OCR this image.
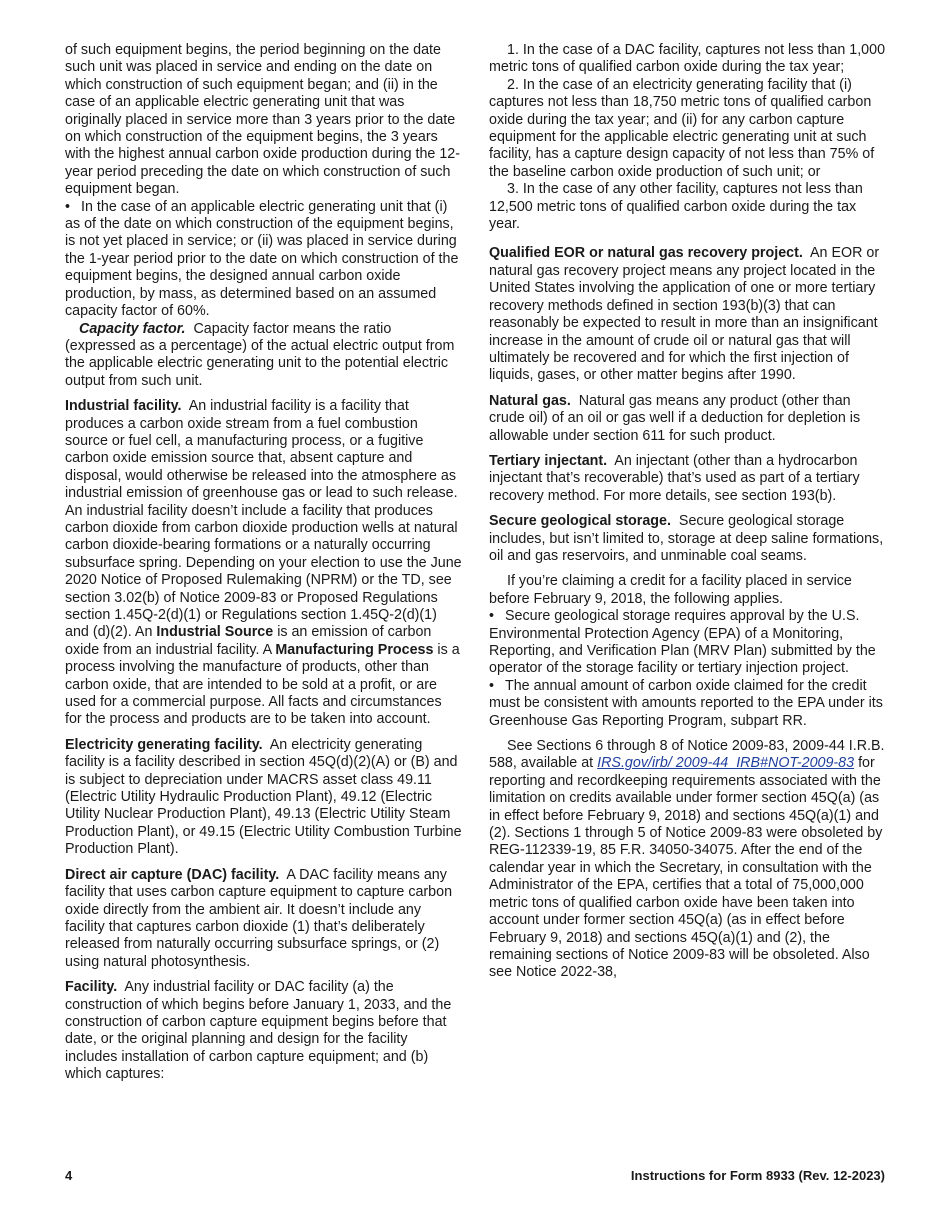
of such equipment begins, the period beginning on the date such unit was placed in service and ending on the date on which construction of such equipment began; and (ii) in the case of an applicable electric generating unit that was originally placed in service more than 3 years prior to the date on which construction of the equipment begins, the 3 years with the highest annual carbon oxide production during the 12-year period preceding the date on which construction of such equipment began.

• In the case of an applicable electric generating unit that (i) as of the date on which construction of the equipment begins, is not yet placed in service; or (ii) was placed in service during the 1-year period prior to the date on which construction of the equipment begins, the designed annual carbon oxide production, by mass, as determined based on an assumed capacity factor of 60%.

Capacity factor. Capacity factor means the ratio (expressed as a percentage) of the actual electric output from the applicable electric generating unit to the potential electric output from such unit.

Industrial facility. An industrial facility is a facility that produces a carbon oxide stream from a fuel combustion source or fuel cell, a manufacturing process, or a fugitive carbon oxide emission source that, absent capture and disposal, would otherwise be released into the atmosphere as industrial emission of greenhouse gas or lead to such release. An industrial facility doesn’t include a facility that produces carbon dioxide from carbon dioxide production wells at natural carbon dioxide-bearing formations or a naturally occurring subsurface spring. Depending on your election to use the June 2020 Notice of Proposed Rulemaking (NPRM) or the TD, see section 3.02(b) of Notice 2009-83 or Proposed Regulations section 1.45Q-2(d)(1) or Regulations section 1.45Q-2(d)(1) and (d)(2). An Industrial Source is an emission of carbon oxide from an industrial facility. A Manufacturing Process is a process involving the manufacture of products, other than carbon oxide, that are intended to be sold at a profit, or are used for a commercial purpose. All facts and circumstances for the process and products are to be taken into account.

Electricity generating facility. An electricity generating facility is a facility described in section 45Q(d)(2)(A) or (B) and is subject to depreciation under MACRS asset class 49.11 (Electric Utility Hydraulic Production Plant), 49.12 (Electric Utility Nuclear Production Plant), 49.13 (Electric Utility Steam Production Plant), or 49.15 (Electric Utility Combustion Turbine Production Plant).

Direct air capture (DAC) facility. A DAC facility means any facility that uses carbon capture equipment to capture carbon oxide directly from the ambient air. It doesn’t include any facility that captures carbon dioxide (1) that’s deliberately released from naturally occurring subsurface springs, or (2) using natural photosynthesis.

Facility. Any industrial facility or DAC facility (a) the construction of which begins before January 1, 2033, and the construction of carbon capture equipment begins before that date, or the original planning and design for the facility includes installation of carbon capture equipment; and (b) which captures:

1. In the case of a DAC facility, captures not less than 1,000 metric tons of qualified carbon oxide during the tax year;

2. In the case of an electricity generating facility that (i) captures not less than 18,750 metric tons of qualified carbon oxide during the tax year; and (ii) for any carbon capture equipment for the applicable electric generating unit at such facility, has a capture design capacity of not less than 75% of the baseline carbon oxide production of such unit; or

3. In the case of any other facility, captures not less than 12,500 metric tons of qualified carbon oxide during the tax year.

Qualified EOR or natural gas recovery project. An EOR or natural gas recovery project means any project located in the United States involving the application of one or more tertiary recovery methods defined in section 193(b)(3) that can reasonably be expected to result in more than an insignificant increase in the amount of crude oil or natural gas that will ultimately be recovered and for which the first injection of liquids, gases, or other matter begins after 1990.

Natural gas. Natural gas means any product (other than crude oil) of an oil or gas well if a deduction for depletion is allowable under section 611 for such product.

Tertiary injectant. An injectant (other than a hydrocarbon injectant that’s recoverable) that’s used as part of a tertiary recovery method. For more details, see section 193(b).

Secure geological storage. Secure geological storage includes, but isn’t limited to, storage at deep saline formations, oil and gas reservoirs, and unminable coal seams.

If you’re claiming a credit for a facility placed in service before February 9, 2018, the following applies.

• Secure geological storage requires approval by the U.S. Environmental Protection Agency (EPA) of a Monitoring, Reporting, and Verification Plan (MRV Plan) submitted by the operator of the storage facility or tertiary injection project.

• The annual amount of carbon oxide claimed for the credit must be consistent with amounts reported to the EPA under its Greenhouse Gas Reporting Program, subpart RR.

See Sections 6 through 8 of Notice 2009-83, 2009-44 I.R.B. 588, available at IRS.gov/irb/ 2009-44_IRB#NOT-2009-83 for reporting and recordkeeping requirements associated with the limitation on credits available under former section 45Q(a) (as in effect before February 9, 2018) and sections 45Q(a)(1) and (2). Sections 1 through 5 of Notice 2009-83 were obsoleted by REG-112339-19, 85 F.R. 34050-34075. After the end of the calendar year in which the Secretary, in consultation with the Administrator of the EPA, certifies that a total of 75,000,000 metric tons of qualified carbon oxide have been taken into account under former section 45Q(a) (as in effect before February 9, 2018) and sections 45Q(a)(1) and (2), the remaining sections of Notice 2009-83 will be obsoleted. Also see Notice 2022-38,

4	Instructions for Form 8933 (Rev. 12-2023)
